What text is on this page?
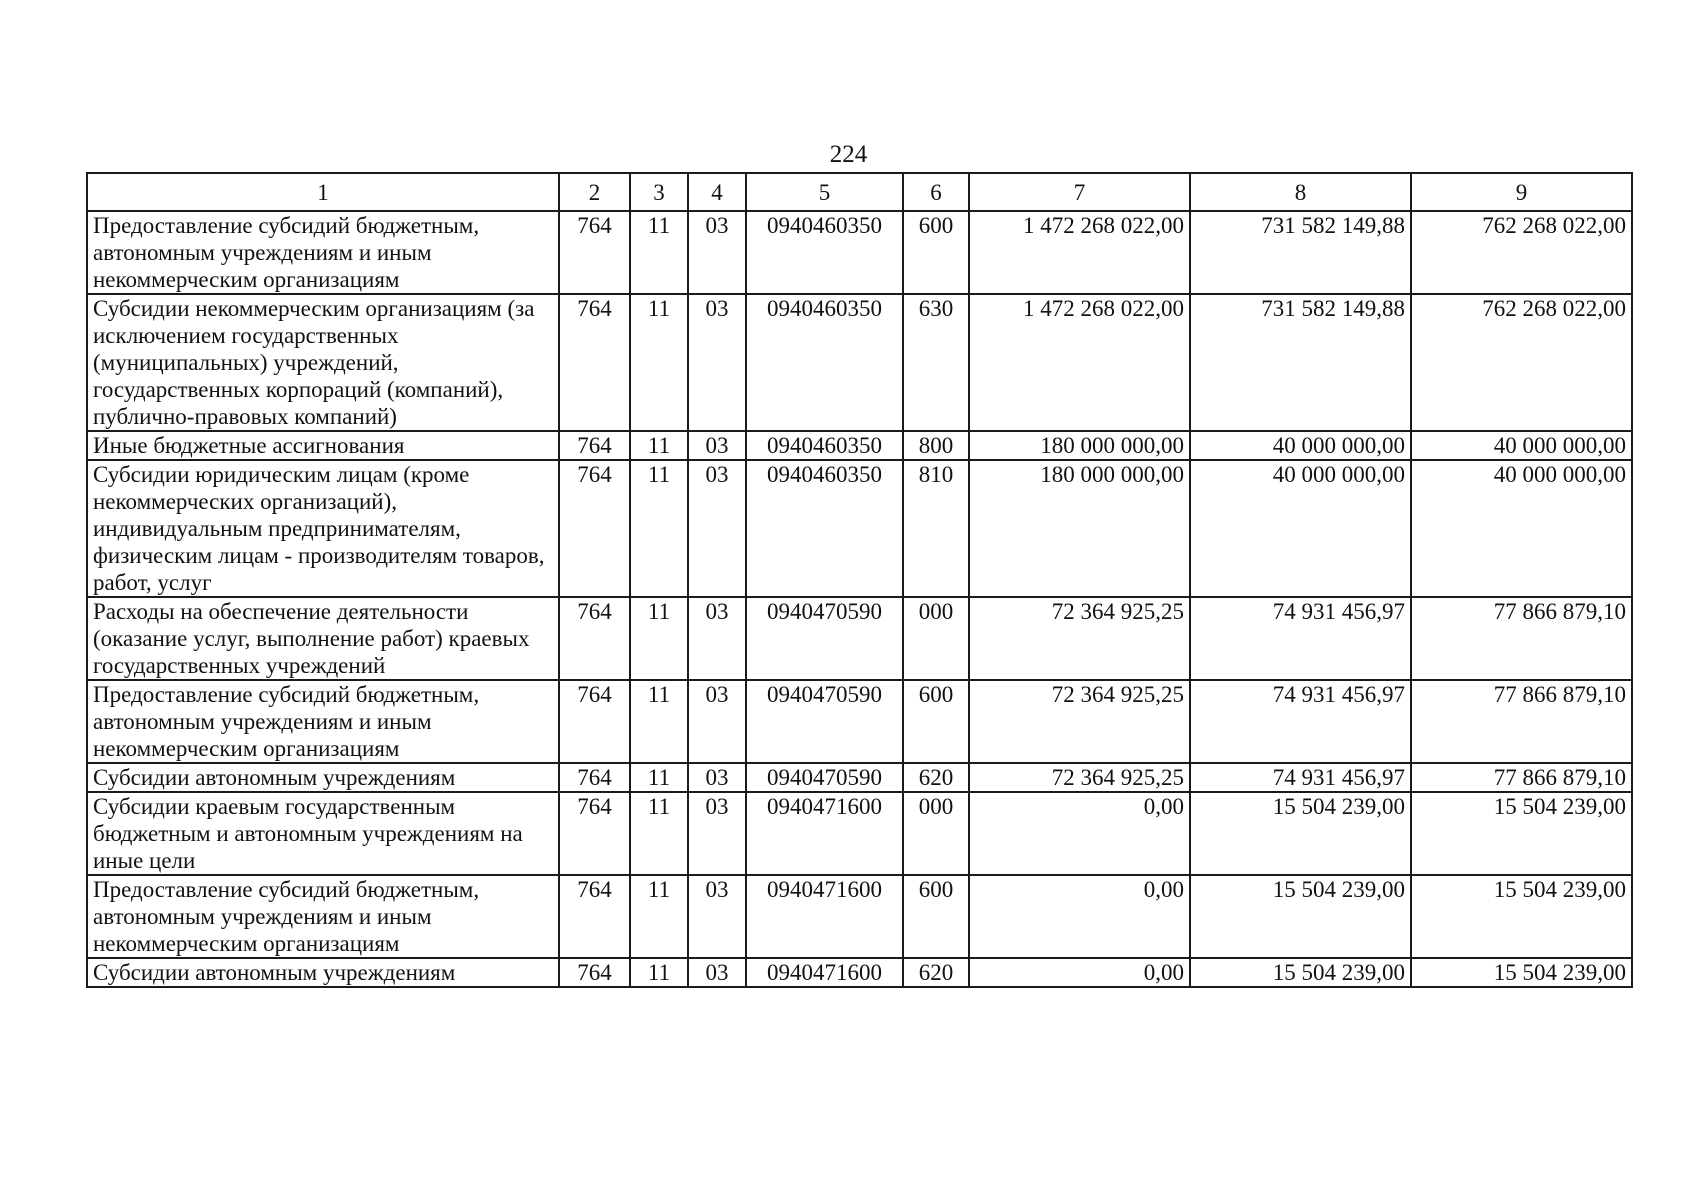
224
1	2	3	4	5	6	7	8	9
Предоставление субсидий бюджетным, автономным учреждениям и иным некоммерческим организациям	764	11	03	0940460350	600	1 472 268 022,00	731 582 149,88	762 268 022,00
Субсидии некоммерческим организациям (за исключением государственных (муниципальных) учреждений, государственных корпораций (компаний), публично-правовых компаний)	764	11	03	0940460350	630	1 472 268 022,00	731 582 149,88	762 268 022,00
Иные бюджетные ассигнования	764	11	03	0940460350	800	180 000 000,00	40 000 000,00	40 000 000,00
Субсидии юридическим лицам (кроме некоммерческих организаций), индивидуальным предпринимателям, физическим лицам - производителям товаров, работ, услуг	764	11	03	0940460350	810	180 000 000,00	40 000 000,00	40 000 000,00
Расходы на обеспечение деятельности (оказание услуг, выполнение работ) краевых государственных учреждений	764	11	03	0940470590	000	72 364 925,25	74 931 456,97	77 866 879,10
Предоставление субсидий бюджетным, автономным учреждениям и иным некоммерческим организациям	764	11	03	0940470590	600	72 364 925,25	74 931 456,97	77 866 879,10
Субсидии автономным учреждениям	764	11	03	0940470590	620	72 364 925,25	74 931 456,97	77 866 879,10
Субсидии краевым государственным бюджетным и автономным учреждениям на иные цели	764	11	03	0940471600	000	0,00	15 504 239,00	15 504 239,00
Предоставление субсидий бюджетным, автономным учреждениям и иным некоммерческим организациям	764	11	03	0940471600	600	0,00	15 504 239,00	15 504 239,00
Субсидии автономным учреждениям	764	11	03	0940471600	620	0,00	15 504 239,00	15 504 239,00
